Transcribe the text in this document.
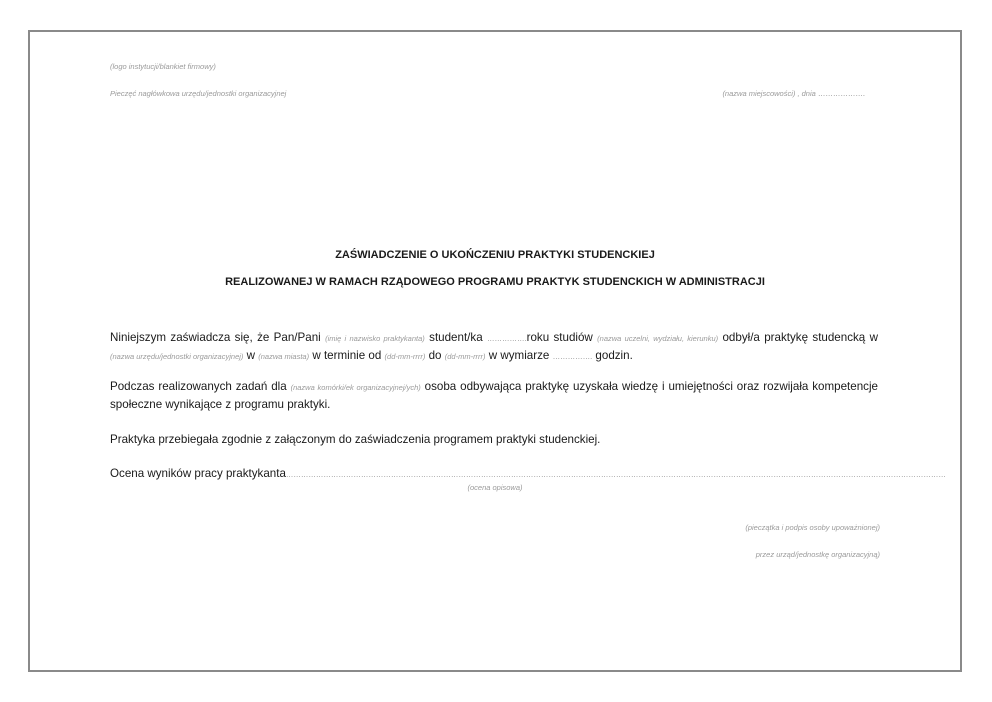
(logo instytucji/blankiet firmowy)
Pieczęć nagłówkowa urzędu/jednostki organizacyjnej	(nazwa miejscowości) , dnia ……………….
ZAŚWIADCZENIE O UKOŃCZENIU PRAKTYKI STUDENCKIEJ
REALIZOWANEJ W RAMACH RZĄDOWEGO PROGRAMU PRAKTYK STUDENCKICH W ADMINISTRACJI
Niniejszym zaświadcza się, że Pan/Pani (imię i nazwisko praktykanta) student/ka …………….roku studiów (nazwa uczelni, wydziału, kierunku) odbył/a praktykę studencką w (nazwa urzędu/jednostki organizacyjnej) w (nazwa miasta) w terminie od (dd-mm-rrrr) do (dd-mm-rrrr) w wymiarze ……………. godzin.
Podczas realizowanych zadań dla (nazwa komórki/ek organizacyjnej/ych) osoba odbywająca praktykę uzyskała wiedzę i umiejętności oraz rozwijała kompetencje społeczne wynikające z programu praktyki.
Praktyka przebiegała zgodnie z załączonym do zaświadczenia programem praktyki studenckiej.
Ocena wyników pracy praktykanta…………………………………………………………………………………………………………………………………………………………………………………………………………………………………………
(ocena opisowa)
(pieczątka i podpis osoby upoważnionej)
przez urząd/jednostkę organizacyjną)
